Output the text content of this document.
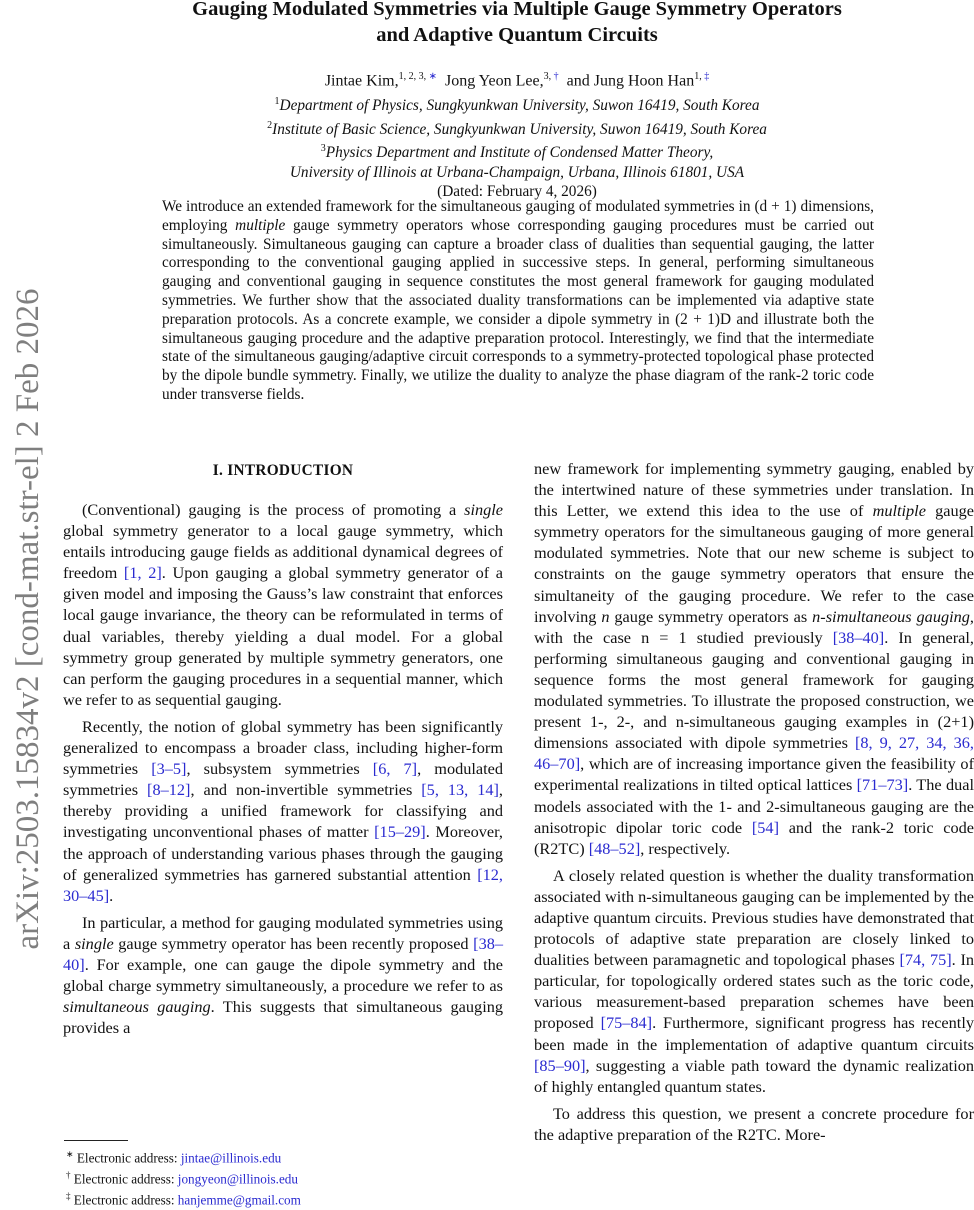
arXiv:2503.15834v2 [cond-mat.str-el] 2 Feb 2026
Gauging Modulated Symmetries via Multiple Gauge Symmetry Operators
and Adaptive Quantum Circuits
Jintae Kim,$^{1, 2, 3,}$ ∗ Jong Yeon Lee,$^{3,}$ † and Jung Hoon Han$^{1,}$ ‡
$^1$Department of Physics, Sungkyunkwan University, Suwon 16419, South Korea
$^2$Institute of Basic Science, Sungkyunkwan University, Suwon 16419, South Korea
$^3$Physics Department and Institute of Condensed Matter Theory,
University of Illinois at Urbana-Champaign, Urbana, Illinois 61801, USA
(Dated: February 4, 2026)
We introduce an extended framework for the simultaneous gauging of modulated symmetries in (d + 1) dimensions, employing multiple gauge symmetry operators whose corresponding gauging procedures must be carried out simultaneously. Simultaneous gauging can capture a broader class of dualities than sequential gauging, the latter corresponding to the conventional gauging applied in successive steps. In general, performing simultaneous gauging and conventional gauging in sequence constitutes the most general framework for gauging modulated symmetries. We further show that the associated duality transformations can be implemented via adaptive state preparation protocols. As a concrete example, we consider a dipole symmetry in (2 + 1)D and illustrate both the simultaneous gauging procedure and the adaptive preparation protocol. Interestingly, we find that the intermediate state of the simultaneous gauging/adaptive circuit corresponds to a symmetry-protected topological phase protected by the dipole bundle symmetry. Finally, we utilize the duality to analyze the phase diagram of the rank-2 toric code under transverse fields.
I. INTRODUCTION

(Conventional) gauging is the process of promoting a single global symmetry generator to a local gauge symmetry, which entails introducing gauge fields as additional dynamical degrees of freedom [1, 2]. Upon gauging a global symmetry generator of a given model and imposing the Gauss’s law constraint that enforces local gauge invariance, the theory can be reformulated in terms of dual variables, thereby yielding a dual model. For a global symmetry group generated by multiple symmetry generators, one can perform the gauging procedures in a sequential manner, which we refer to as sequential gauging.

Recently, the notion of global symmetry has been significantly generalized to encompass a broader class, including higher-form symmetries [3–5], subsystem symmetries [6, 7], modulated symmetries [8–12], and non-invertible symmetries [5, 13, 14], thereby providing a unified framework for classifying and investigating unconventional phases of matter [15–29]. Moreover, the approach of understanding various phases through the gauging of generalized symmetries has garnered substantial attention [12, 30–45].

In particular, a method for gauging modulated symmetries using a single gauge symmetry operator has been recently proposed [38–40]. For example, one can gauge the dipole symmetry and the global charge symmetry simultaneously, a procedure we refer to as simultaneous gauging. This suggests that simultaneous gauging provides a

new framework for implementing symmetry gauging, enabled by the intertwined nature of these symmetries under translation. In this Letter, we extend this idea to the use of multiple gauge symmetry operators for the simultaneous gauging of more general modulated symmetries. Note that our new scheme is subject to constraints on the gauge symmetry operators that ensure the simultaneity of the gauging procedure. We refer to the case involving n gauge symmetry operators as n-simultaneous gauging, with the case n = 1 studied previously [38–40]. In general, performing simultaneous gauging and conventional gauging in sequence forms the most general framework for gauging modulated symmetries. To illustrate the proposed construction, we present 1-, 2-, and n-simultaneous gauging examples in (2+1) dimensions associated with dipole symmetries [8, 9, 27, 34, 36, 46–70], which are of increasing importance given the feasibility of experimental realizations in tilted optical lattices [71–73]. The dual models associated with the 1- and 2-simultaneous gauging are the anisotropic dipolar toric code [54] and the rank-2 toric code (R2TC) [48–52], respectively.

A closely related question is whether the duality transformation associated with n-simultaneous gauging can be implemented by the adaptive quantum circuits. Previous studies have demonstrated that protocols of adaptive state preparation are closely linked to dualities between paramagnetic and topological phases [74, 75]. In particular, for topologically ordered states such as the toric code, various measurement-based preparation schemes have been proposed [75–84]. Furthermore, significant progress has recently been made in the implementation of adaptive quantum circuits [85–90], suggesting a viable path toward the dynamic realization of highly entangled quantum states.

To address this question, we present a concrete procedure for the adaptive preparation of the R2TC. More-

∗ Electronic address: jintae@illinois.edu
† Electronic address: jongyeon@illinois.edu
‡ Electronic address: hanjemme@gmail.com
